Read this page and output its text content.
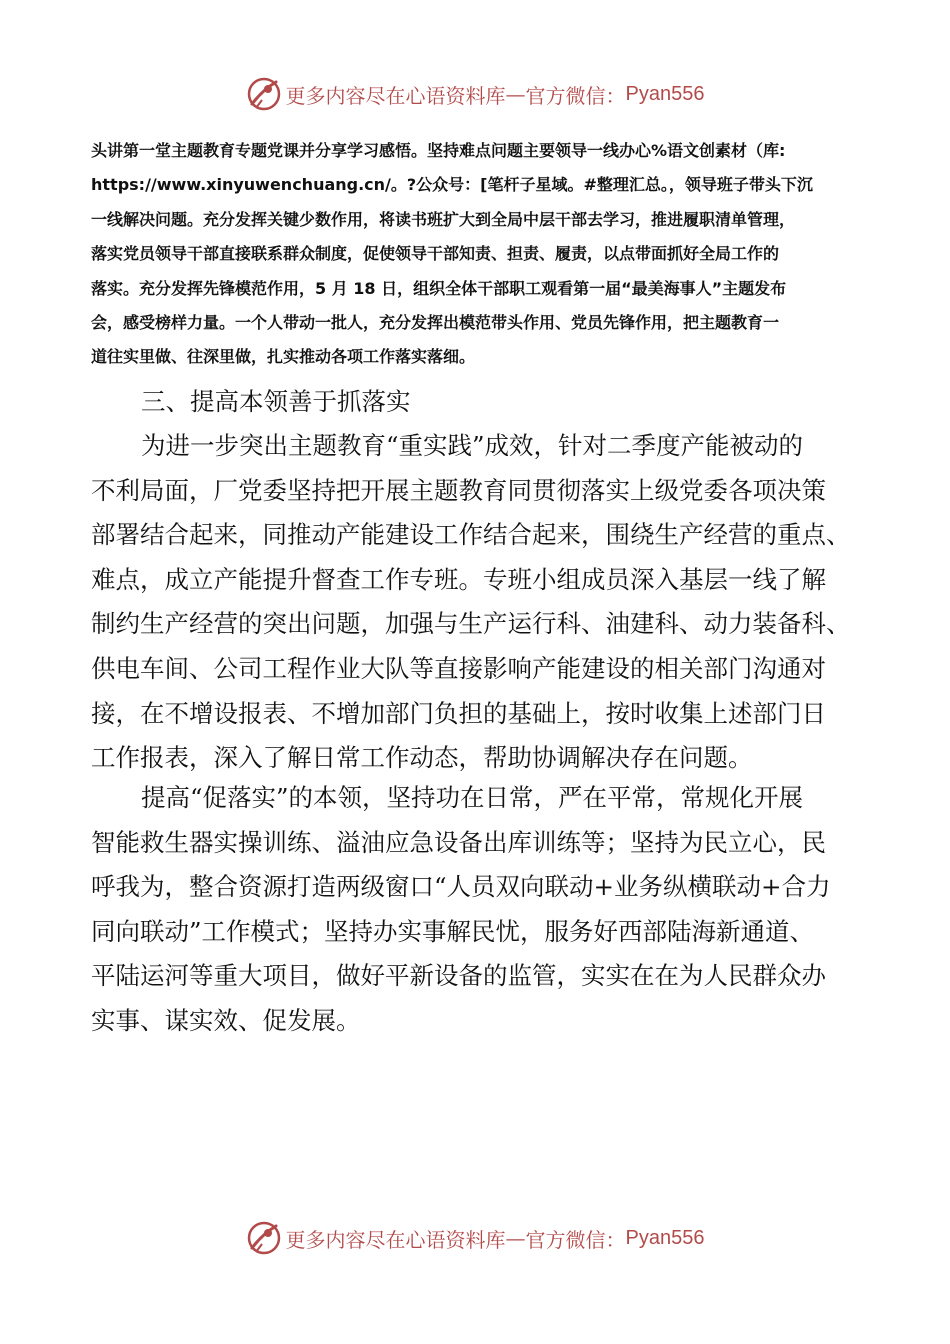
更多内容尽在心语资料库 — 官方微信： Pyan556
头讲第一堂主题教育专题党课并分享学习感悟。坚持难点问题主要领导一线办心%语文创素材（库:
https://www.xinyuwenchuang.cn/。?公众号：[笔杆子星域。#整理汇总。，领导班子带头下沉
一线解决问题。充分发挥关键少数作用，将读书班扩大到全局中层干部去学习，推进履职清单管理，
落实党员领导干部直接联系群众制度，促使领导干部知责、担责、履责，以点带面抓好全局工作的
落实。充分发挥先锋模范作用，5 月 18 日，组织全体干部职工观看第一届“最美海事人”主题发布
会，感受榜样力量。一个人带动一批人，充分发挥出模范带头作用、党员先锋作用，把主题教育一
道往实里做、往深里做，扎实推动各项工作落实落细。
三、提高本领善于抓落实
为进一步突出主题教育“重实践”成效，针对二季度产能被动的
不利局面，厂党委坚持把开展主题教育同贯彻落实上级党委各项决策
部署结合起来，同推动产能建设工作结合起来，围绕生产经营的重点、
难点，成立产能提升督查工作专班。专班小组成员深入基层一线了解
制约生产经营的突出问题，加强与生产运行科、油建科、动力装备科、
供电车间、公司工程作业大队等直接影响产能建设的相关部门沟通对
接，在不增设报表、不增加部门负担的基础上，按时收集上述部门日
工作报表，深入了解日常工作动态，帮助协调解决存在问题。
提高“促落实”的本领，坚持功在日常，严在平常，常规化开展
智能救生器实操训练、溢油应急设备出库训练等；坚持为民立心，民
呼我为，整合资源打造两级窗口“人员双向联动+业务纵横联动+合力
同向联动”工作模式；坚持办实事解民忧，服务好西部陆海新通道、
平陆运河等重大项目，做好平新设备的监管，实实在在为人民群众办
实事、谋实效、促发展。
更多内容尽在心语资料库 — 官方微信： Pyan556
